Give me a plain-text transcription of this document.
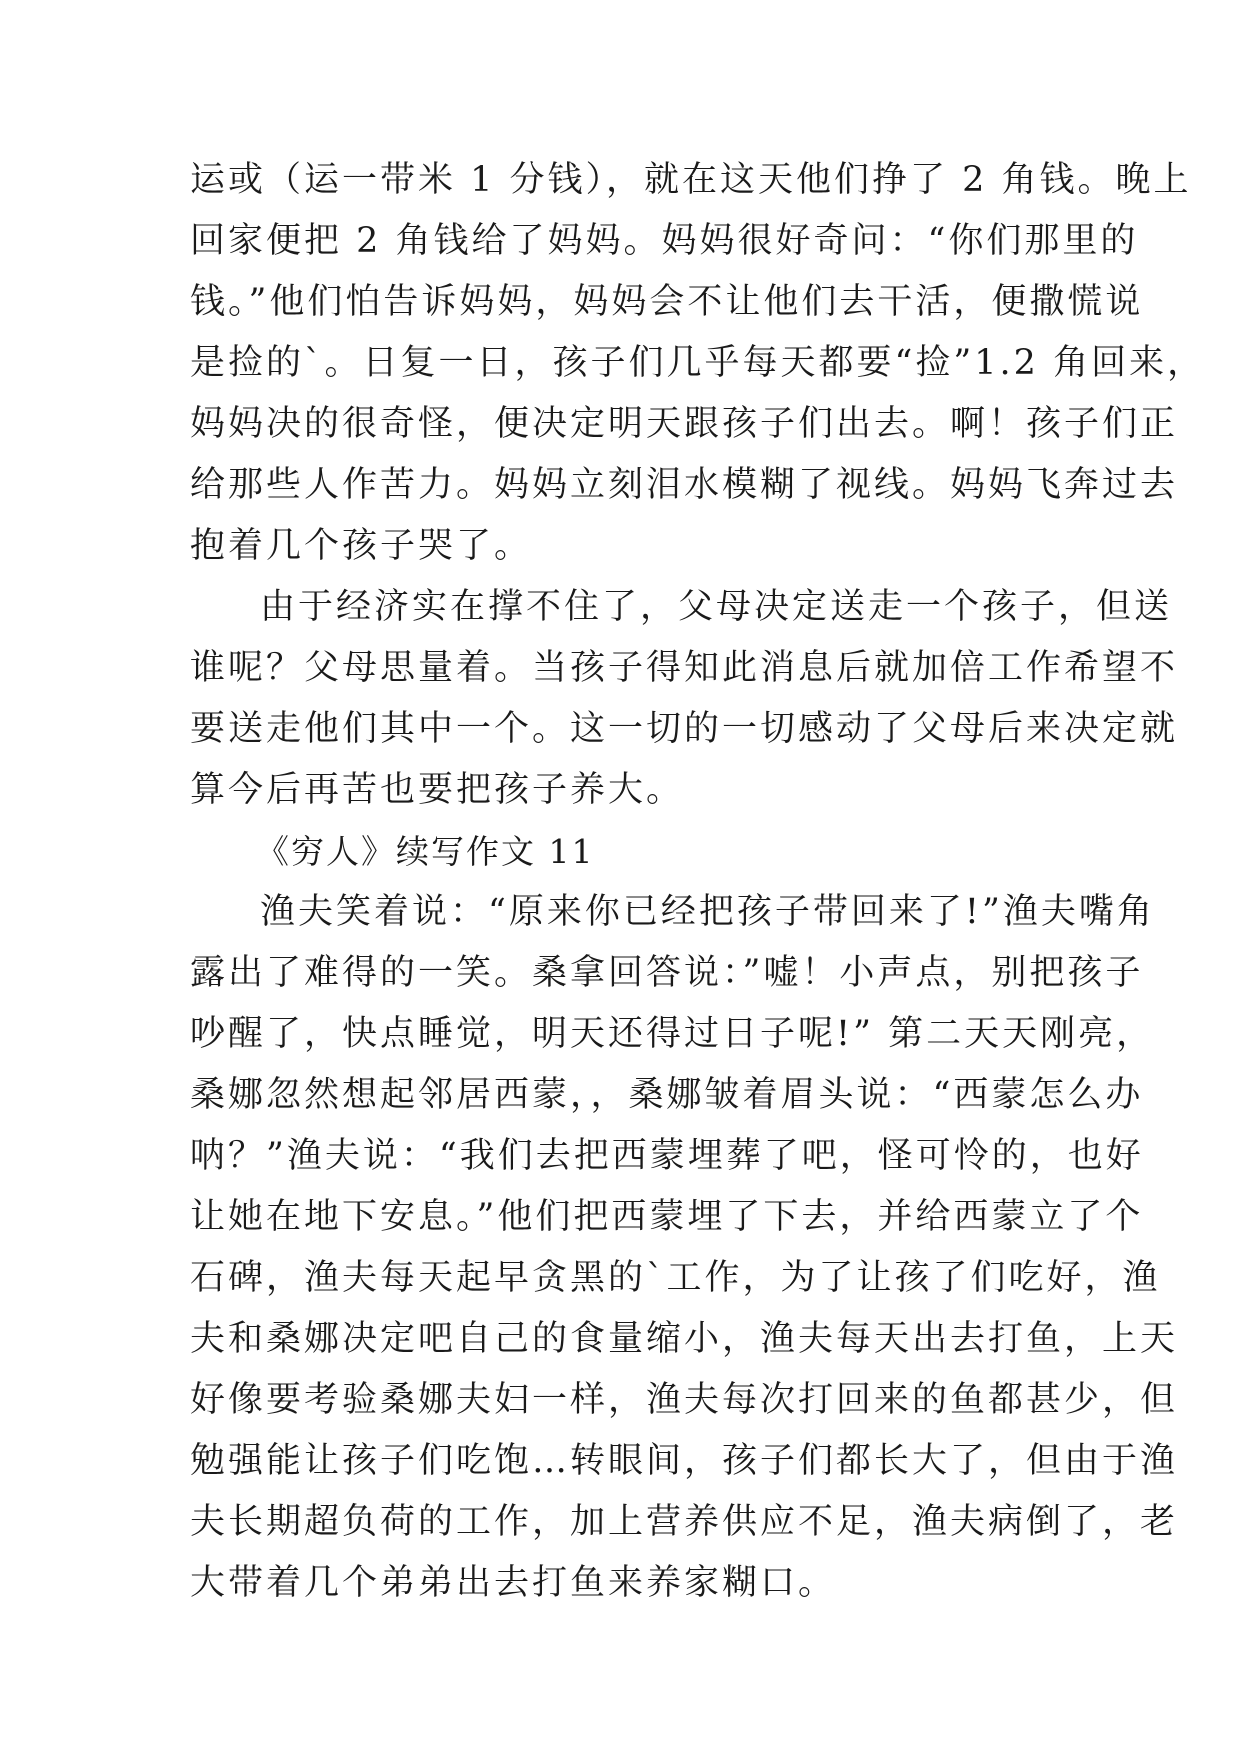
运或（运一带米 1 分钱），就在这天他们挣了 2 角钱。晚上
回家便把 2 角钱给了妈妈。妈妈很好奇问：“你们那里的
钱。”他们怕告诉妈妈，妈妈会不让他们去干活，便撒慌说
是捡的`。日复一日，孩子们几乎每天都要“捡”1.2 角回来，
妈妈决的很奇怪，便决定明天跟孩子们出去。啊！孩子们正
给那些人作苦力。妈妈立刻泪水模糊了视线。妈妈飞奔过去
抱着几个孩子哭了。
由于经济实在撑不住了，父母决定送走一个孩子，但送
谁呢？父母思量着。当孩子得知此消息后就加倍工作希望不
要送走他们其中一个。这一切的一切感动了父母后来决定就
算今后再苦也要把孩子养大。
《穷人》续写作文 11
渔夫笑着说：“原来你已经把孩子带回来了!”渔夫嘴角
露出了难得的一笑。桑拿回答说：”嘘！小声点，别把孩子
吵醒了，快点睡觉，明天还得过日子呢!” 第二天天刚亮，
桑娜忽然想起邻居西蒙，，桑娜皱着眉头说：“西蒙怎么办
呐？”渔夫说：“我们去把西蒙埋葬了吧，怪可怜的，也好
让她在地下安息。”他们把西蒙埋了下去，并给西蒙立了个
石碑，渔夫每天起早贪黑的`工作，为了让孩了们吃好，渔
夫和桑娜决定吧自己的食量缩小，渔夫每天出去打鱼，上天
好像要考验桑娜夫妇一样，渔夫每次打回来的鱼都甚少，但
勉强能让孩子们吃饱…转眼间，孩子们都长大了，但由于渔
夫长期超负荷的工作，加上营养供应不足，渔夫病倒了，老
大带着几个弟弟出去打鱼来养家糊口。
